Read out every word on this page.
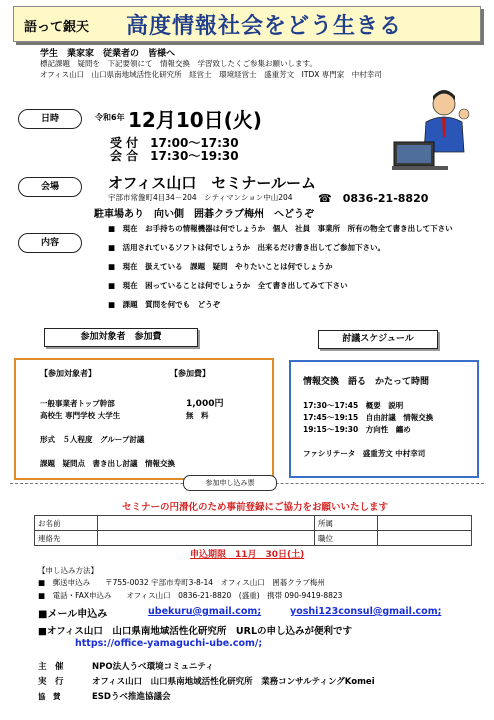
語って銀天 高度情報社会をどう生きる
学生　業家家　従業者の　皆様へ
標記課題　疑問を　下記要領にて　情報交換　学習致したくご参集お願いします。
オフィス山口　山口県南地域活性化研究所　経営士　環境経営士　盛重芳文　ITDX 専門家　中村幸司
日時	令和6年 12月10日(火)
受 付　17:00～17:30
会 合　17:30～19:30
会場	オフィス山口　セミナールーム
宇部市常盤町4目34－204　シティマンション中山204 ☎　0836-21-8820
駐車場あり　向い側　囲碁クラブ梅州　へどうぞ
内容
■　現在　お手持ちの情報機器は何でしょうか　個人　社員　事業所　所有の物全て書き出して下さい
■　活用されているソフトは何でしょうか　出来るだけ書き出してご参加下さい。
■　現在　扱えている　課題　疑問　やりたいことは何でしょうか
■　現在　困っていることは何でしょうか　全て書き出してみて下さい
■　課題　質問を何でも　どうぞ
参加対象者　参加費	討議スケジュール
【参加対象者】	【参加費】
一般事業者トップ幹部	1,000円
高校生 専門学校 大学生	無　料
形式　５人程度　グループ討議
課題　疑問点　書き出し討議　情報交換
情報交換　語る　かたって時間
17:30～17:45　概要　説明
17:45～19:15　自由討議　情報交換
19:15～19:30　方向性　纏め
ファシリテータ　盛重芳文 中村幸司
参加申し込み票
セミナーの円滑化のため事前登録にご協力をお願いいたします
お名前		所属	
連絡先		職位	
申込期限　11月　30日(土)
【申し込み方法】
■　郵送申込み　　〒755-0032 宇部市寿町3-8-14　オフィス山口　囲碁クラブ梅州
■　電話・FAX申込み　　オフィス山口　0836-21-8820　(盛重)　携帯 090-9419-8823
■メール申込み	ubekuru@gmail.com;	yoshi123consul@gmail.com;
■オフィス山口　山口県南地域活性化研究所　URLの申し込みが便利です
https://office-yamaguchi-ube.com/;
主　催	NPO法人うべ環境コミュニティ
実　行	オフィス山口　山口県南地域活性化研究所　業務コンサルティングKomei
協　賛	ESDうべ推進協議会
